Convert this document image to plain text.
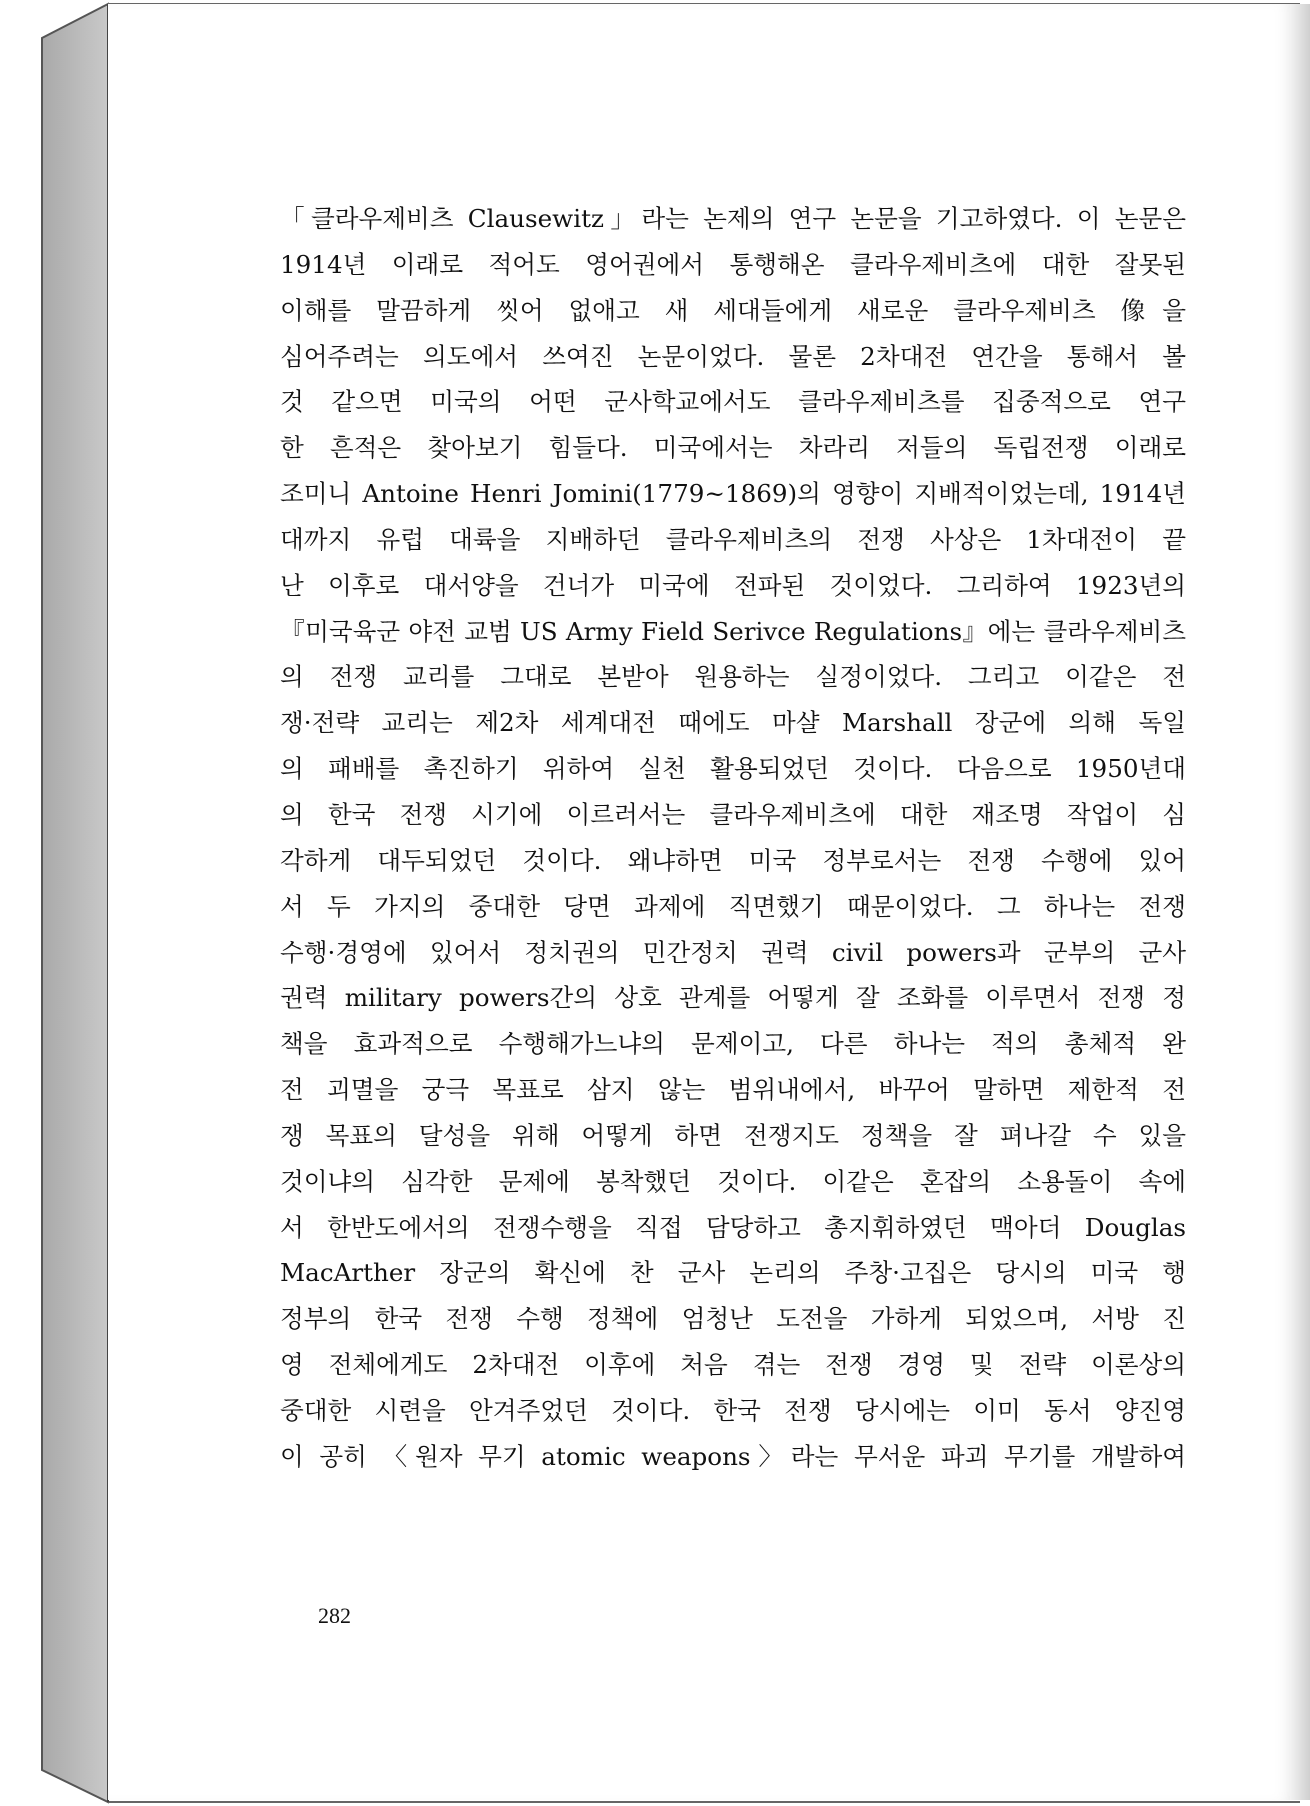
「클라우제비츠 Clausewitz」라는 논제의 연구 논문을 기고하였다. 이 논문은
1914년 이래로 적어도 영어권에서 통행해온 클라우제비츠에 대한 잘못된
이해를 말끔하게 씻어 없애고 새 세대들에게 새로운 클라우제비츠 像을
심어주려는 의도에서 쓰여진 논문이었다. 물론 2차대전 연간을 통해서 볼
것 같으면 미국의 어떤 군사학교에서도 클라우제비츠를 집중적으로 연구
한 흔적은 찾아보기 힘들다. 미국에서는 차라리 저들의 독립전쟁 이래로
조미니 Antoine Henri Jomini(1779~1869)의 영향이 지배적이었는데, 1914년
대까지 유럽 대륙을 지배하던 클라우제비츠의 전쟁 사상은 1차대전이 끝
난 이후로 대서양을 건너가 미국에 전파된 것이었다. 그리하여 1923년의
『미국육군 야전 교범 US Army Field Serivce Regulations』에는 클라우제비츠
의 전쟁 교리를 그대로 본받아 원용하는 실정이었다. 그리고 이같은 전
쟁·전략 교리는 제2차 세계대전 때에도 마샬 Marshall 장군에 의해 독일
의 패배를 촉진하기 위하여 실천 활용되었던 것이다. 다음으로 1950년대
의 한국 전쟁 시기에 이르러서는 클라우제비츠에 대한 재조명 작업이 심
각하게 대두되었던 것이다. 왜냐하면 미국 정부로서는 전쟁 수행에 있어
서 두 가지의 중대한 당면 과제에 직면했기 때문이었다. 그 하나는 전쟁
수행·경영에 있어서 정치권의 민간정치 권력 civil powers과 군부의 군사
권력 military powers간의 상호 관계를 어떻게 잘 조화를 이루면서 전쟁 정
책을 효과적으로 수행해가느냐의 문제이고, 다른 하나는 적의 총체적 완
전 괴멸을 궁극 목표로 삼지 않는 범위내에서, 바꾸어 말하면 제한적 전
쟁 목표의 달성을 위해 어떻게 하면 전쟁지도 정책을 잘 펴나갈 수 있을
것이냐의 심각한 문제에 봉착했던 것이다. 이같은 혼잡의 소용돌이 속에
서 한반도에서의 전쟁수행을 직접 담당하고 총지휘하였던 맥아더 Douglas
MacArther 장군의 확신에 찬 군사 논리의 주창·고집은 당시의 미국 행
정부의 한국 전쟁 수행 정책에 엄청난 도전을 가하게 되었으며, 서방 진
영 전체에게도 2차대전 이후에 처음 겪는 전쟁 경영 및 전략 이론상의
중대한 시련을 안겨주었던 것이다. 한국 전쟁 당시에는 이미 동서 양진영
이 공히 〈원자 무기 atomic weapons〉라는 무서운 파괴 무기를 개발하여
282
